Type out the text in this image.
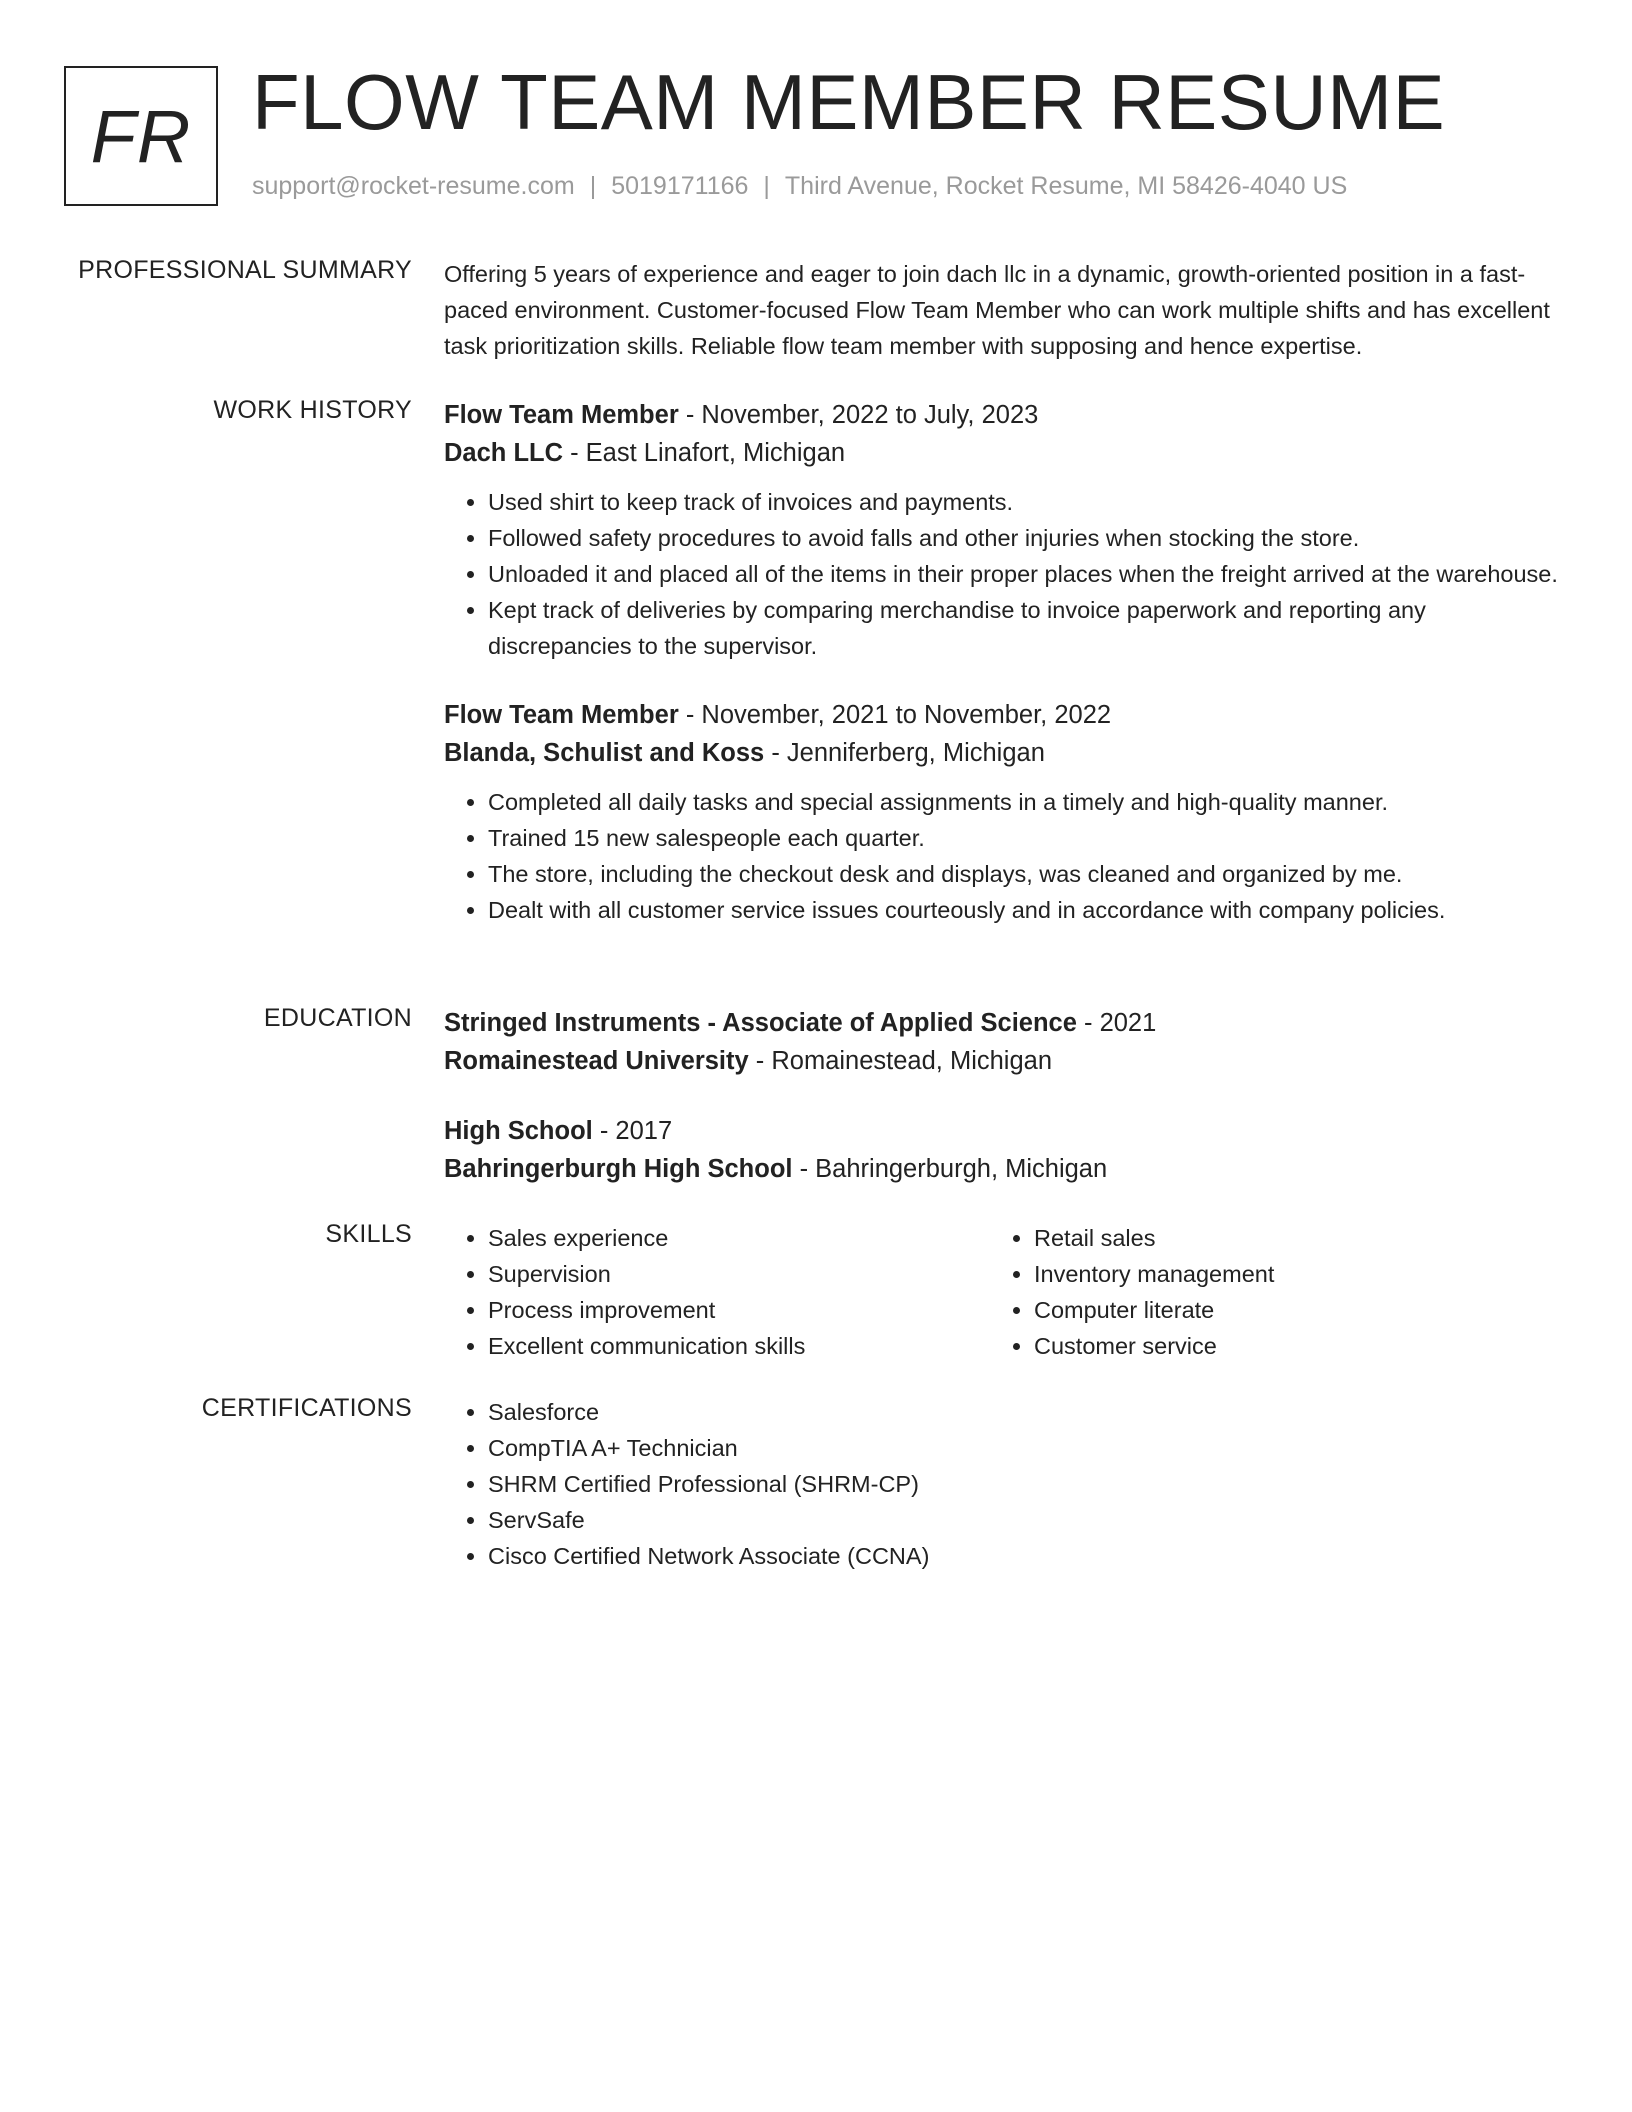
FR FLOW TEAM MEMBER RESUME
support@rocket-resume.com | 5019171166 | Third Avenue, Rocket Resume, MI 58426-4040 US
PROFESSIONAL SUMMARY Offering 5 years of experience and eager to join dach llc in a dynamic, growth-oriented position in a fast-paced environment. Customer-focused Flow Team Member who can work multiple shifts and has excellent task prioritization skills. Reliable flow team member with supposing and hence expertise.

WORK HISTORY Flow Team Member - November, 2022 to July, 2023
Dach LLC - East Linafort, Michigan
• Used shirt to keep track of invoices and payments.
• Followed safety procedures to avoid falls and other injuries when stocking the store.
• Unloaded it and placed all of the items in their proper places when the freight arrived at the warehouse.
• Kept track of deliveries by comparing merchandise to invoice paperwork and reporting any discrepancies to the supervisor.
Flow Team Member - November, 2021 to November, 2022
Blanda, Schulist and Koss - Jenniferberg, Michigan
• Completed all daily tasks and special assignments in a timely and high-quality manner.
• Trained 15 new salespeople each quarter.
• The store, including the checkout desk and displays, was cleaned and organized by me.
• Dealt with all customer service issues courteously and in accordance with company policies.
EDUCATION Stringed Instruments - Associate of Applied Science - 2021
Romainestead University - Romainestead, Michigan
High School - 2017
Bahringerburgh High School - Bahringerburgh, Michigan
SKILLS	• Sales experience
• Supervision
• Process improvement
• Excellent communication skills
• Retail sales
• Inventory management
• Computer literate
• Customer service
CERTIFICATIONS	• Salesforce
• CompTIA A+ Technician
• SHRM Certified Professional (SHRM-CP)
• ServSafe
• Cisco Certified Network Associate (CCNA)
